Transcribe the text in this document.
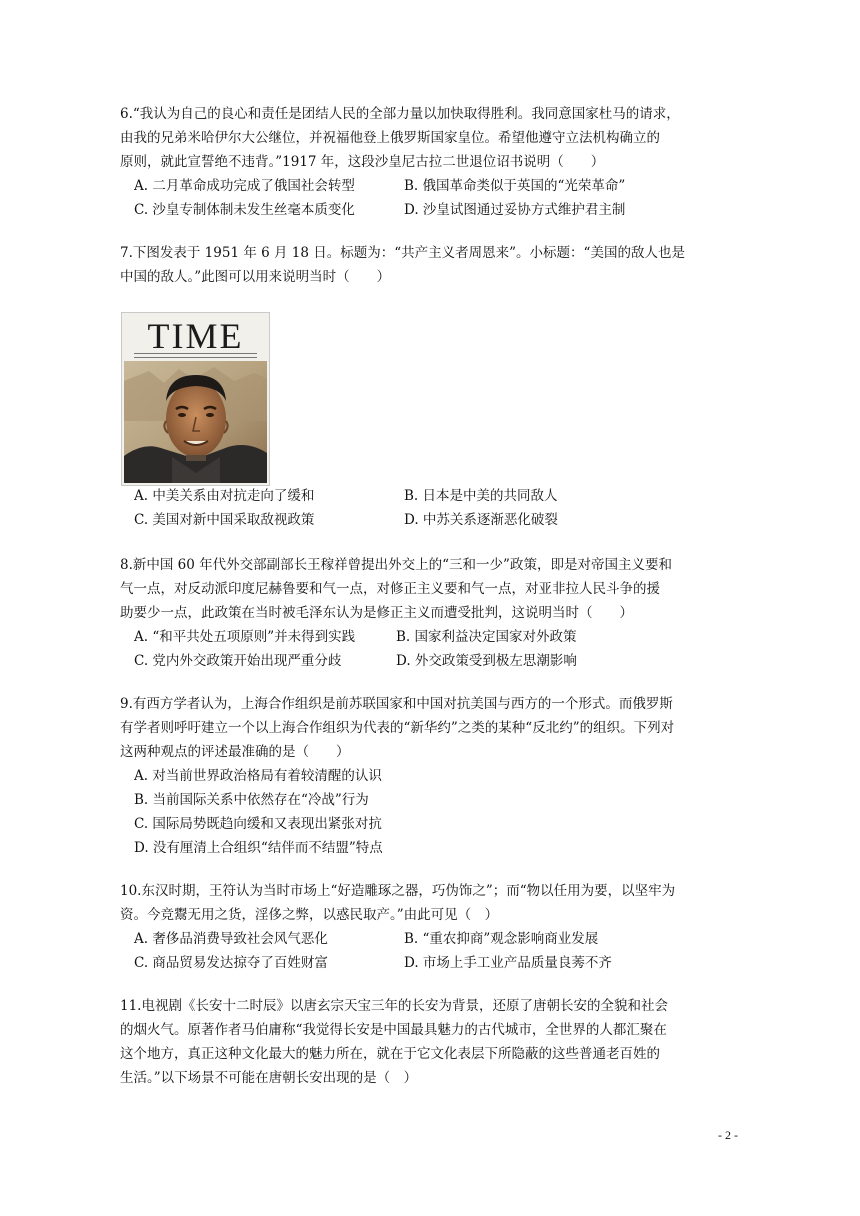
6.“我认为自己的良心和责任是团结人民的全部力量以加快取得胜利。我同意国家杜马的请求，

由我的兄弟米哈伊尔大公继位，并祝福他登上俄罗斯国家皇位。希望他遵守立法机构确立的

原则，就此宣誓绝不违背。”1917 年，这段沙皇尼古拉二世退位诏书说明（　　）

A. 二月革命成功完成了俄国社会转型	B. 俄国革命类似于英国的“光荣革命”
C. 沙皇专制体制未发生丝毫本质变化	D. 沙皇试图通过妥协方式维护君主制

7.下图发表于 1951 年 6 月 18 日。标题为：“共产主义者周恩来”。小标题：“美国的敌人也是

中国的敌人。”此图可以用来说明当时（　　）

TIME
A. 中美关系由对抗走向了缓和	B. 日本是中美的共同敌人
C. 美国对新中国采取敌视政策	D. 中苏关系逐渐恶化破裂

8.新中国 60 年代外交部副部长王稼祥曾提出外交上的“三和一少”政策，即是对帝国主义要和

气一点，对反动派印度尼赫鲁要和气一点，对修正主义要和气一点，对亚非拉人民斗争的援

助要少一点，此政策在当时被毛泽东认为是修正主义而遭受批判，这说明当时（　　）

A. “和平共处五项原则”并未得到实践	B. 国家利益决定国家对外政策
C. 党内外交政策开始出现严重分歧	D. 外交政策受到极左思潮影响

9.有西方学者认为，上海合作组织是前苏联国家和中国对抗美国与西方的一个形式。而俄罗斯

有学者则呼吁建立一个以上海合作组织为代表的“新华约”之类的某种“反北约”的组织。下列对

这两种观点的评述最准确的是（　　）

A. 对当前世界政治格局有着较清醒的认识
B. 当前国际关系中依然存在“冷战”行为
C. 国际局势既趋向缓和又表现出紧张对抗
D. 没有厘清上合组织“结伴而不结盟”特点

10.东汉时期，王符认为当时市场上“好造雕琢之器，巧伪饰之”；而“物以任用为要，以坚牢为

资。今竞鬻无用之货，淫侈之弊，以惑民取产。”由此可见（　）

A. 奢侈品消费导致社会风气恶化	B. “重农抑商”观念影响商业发展
C. 商品贸易发达掠夺了百姓财富	D. 市场上手工业产品质量良莠不齐

11.电视剧《长安十二时辰》以唐玄宗天宝三年的长安为背景，还原了唐朝长安的全貌和社会

的烟火气。原著作者马伯庸称“我觉得长安是中国最具魅力的古代城市，全世界的人都汇聚在

这个地方，真正这种文化最大的魅力所在，就在于它文化表层下所隐蔽的这些普通老百姓的

生活。”以下场景不可能在唐朝长安出现的是（　）

- 2 -
